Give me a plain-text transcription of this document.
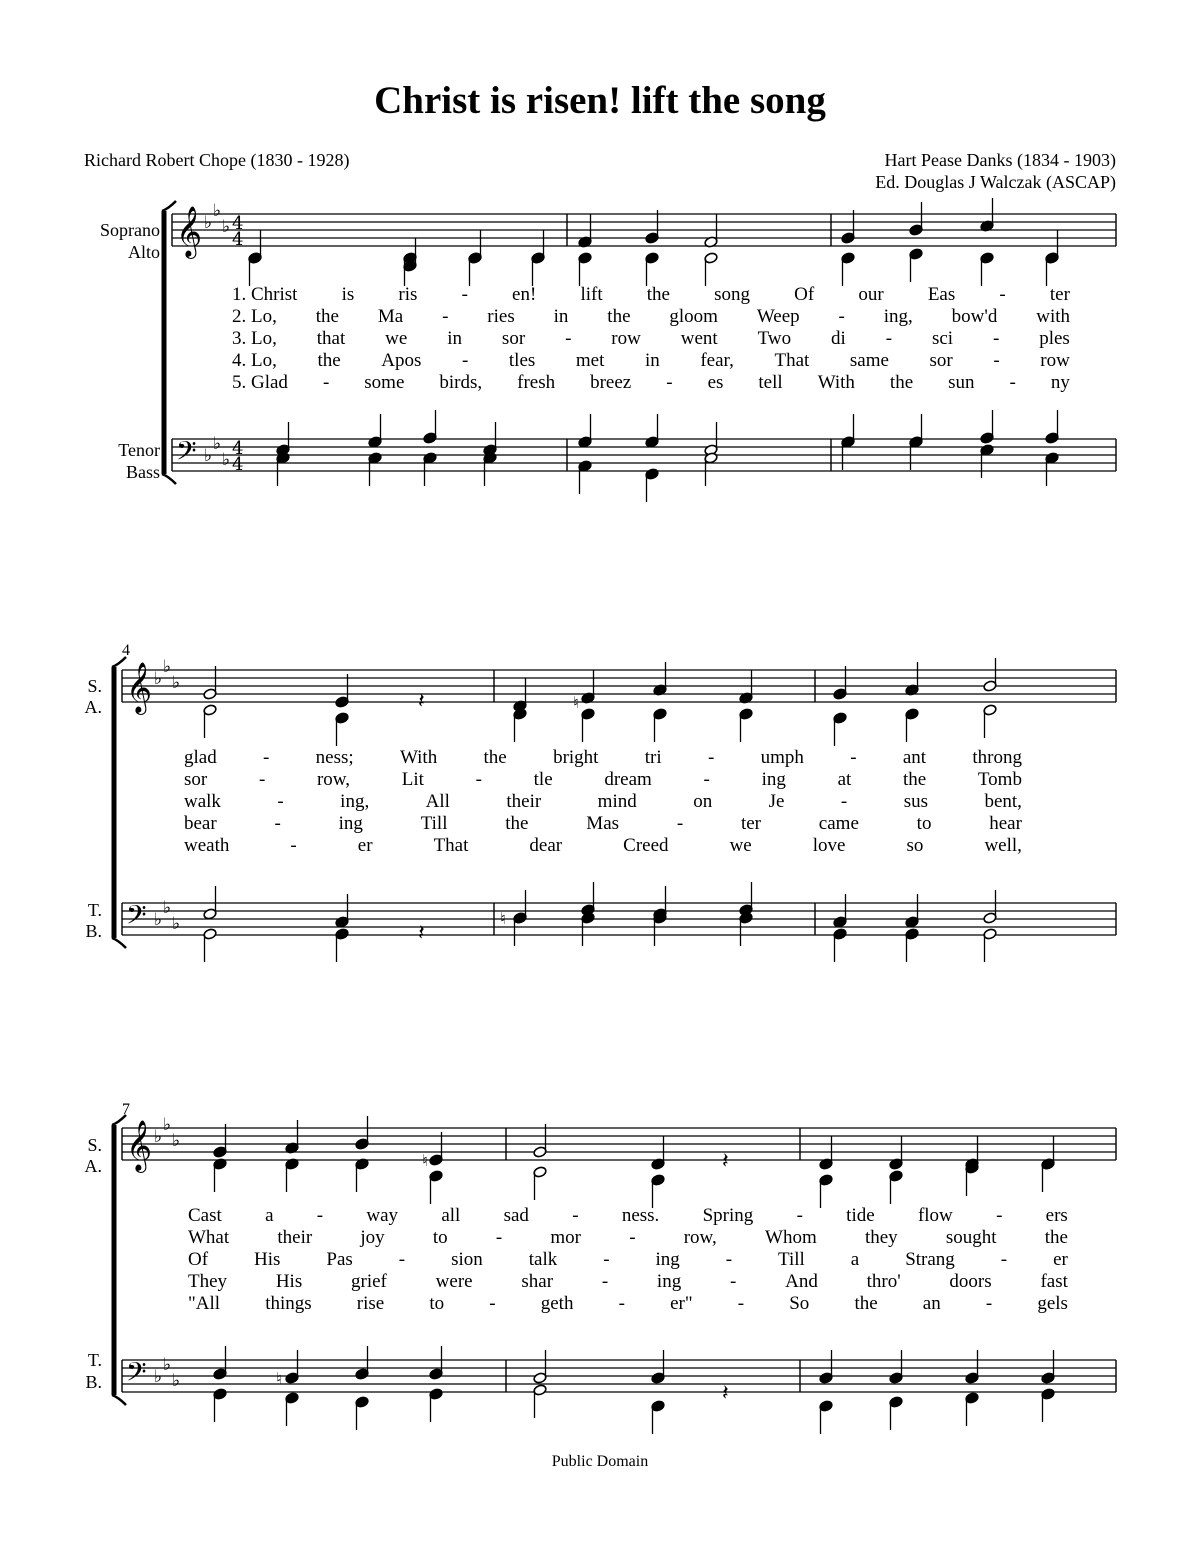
Christ is risen! lift the song
Richard Robert Chope (1830 - 1928)	Hart Pease Danks (1834 - 1903)
Ed. Douglas J Walczak (ASCAP)
Soprano
Alto
Tenor
Bass
S.
A.
T.
B.
S.
A.
T.
B.
4
7
𝄞
𝄢
♭
♭
♭
♭
♭
♭
4
4
4
4
𝄞
𝄢
♭
♭
♭
♭
♭
♭
𝄞
𝄢
♭
♭
♭
♭
♭
♭
𝄽
𝄽
♮
♮
𝄽
𝄽
♮
♮
1. Christ is ris - en! lift the song Of our Eas - ter
2. Lo, the Ma - ries in the gloom Weep - ing, bow'd with
3. Lo, that we in sor - row went Two di - sci - ples
4. Lo, the Apos - tles met in fear, That same sor - row
5. Glad - some birds, fresh breez - es tell With the sun - ny
glad - ness; With the bright tri - umph - ant throng
sor	-	row,	Lit	-	tle	dream	-	ing	at	the	Tomb
walk	-	ing,	All	their	mind	on	Je	-	sus	bent,
bear	-	ing	Till	the	Mas	-	ter	came	to	hear
weath	-	er	That	dear	Creed	we	love	so	well,
Cast a - way all sad - ness. Spring - tide flow - ers
What	their	joy	to	-	mor	-	row,	Whom	they	sought	the
Of His Pas - sion talk - ing - Till a Strang - er
They	His	grief	were	shar	-	ing	-	And	thro'	doors	fast
"All things rise to - geth - er" - So the an - gels
Public Domain
